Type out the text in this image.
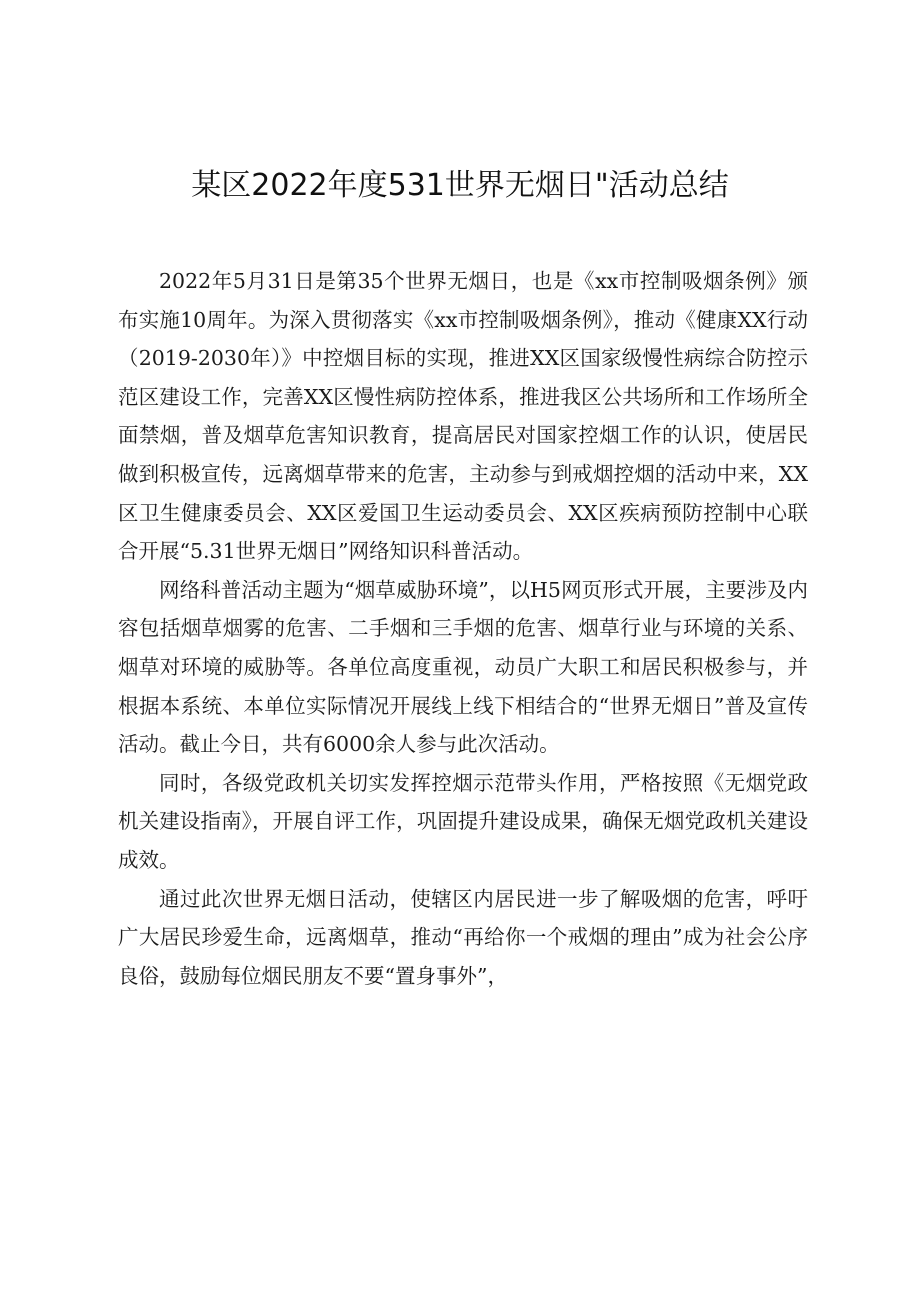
某区2022年度531世界无烟日"活动总结

2022年5月31日是第35个世界无烟日，也是《xx市控制吸烟条例》颁布实施10周年。为深入贯彻落实《xx市控制吸烟条例》，推动《健康XX行动（2019-2030年）》中控烟目标的实现，推进XX区国家级慢性病综合防控示范区建设工作，完善XX区慢性病防控体系，推进我区公共场所和工作场所全面禁烟，普及烟草危害知识教育，提高居民对国家控烟工作的认识，使居民做到积极宣传，远离烟草带来的危害，主动参与到戒烟控烟的活动中来，XX区卫生健康委员会、XX区爱国卫生运动委员会、XX区疾病预防控制中心联合开展“5.31世界无烟日”网络知识科普活动。

网络科普活动主题为“烟草威胁环境”，以H5网页形式开展，主要涉及内容包括烟草烟雾的危害、二手烟和三手烟的危害、烟草行业与环境的关系、烟草对环境的威胁等。各单位高度重视，动员广大职工和居民积极参与，并根据本系统、本单位实际情况开展线上线下相结合的“世界无烟日”普及宣传活动。截止今日，共有6000余人参与此次活动。

同时，各级党政机关切实发挥控烟示范带头作用，严格按照《无烟党政机关建设指南》，开展自评工作，巩固提升建设成果，确保无烟党政机关建设成效。

通过此次世界无烟日活动，使辖区内居民进一步了解吸烟的危害，呼吁广大居民珍爱生命，远离烟草，推动“再给你一个戒烟的理由”成为社会公序良俗，鼓励每位烟民朋友不要“置身事外”，
